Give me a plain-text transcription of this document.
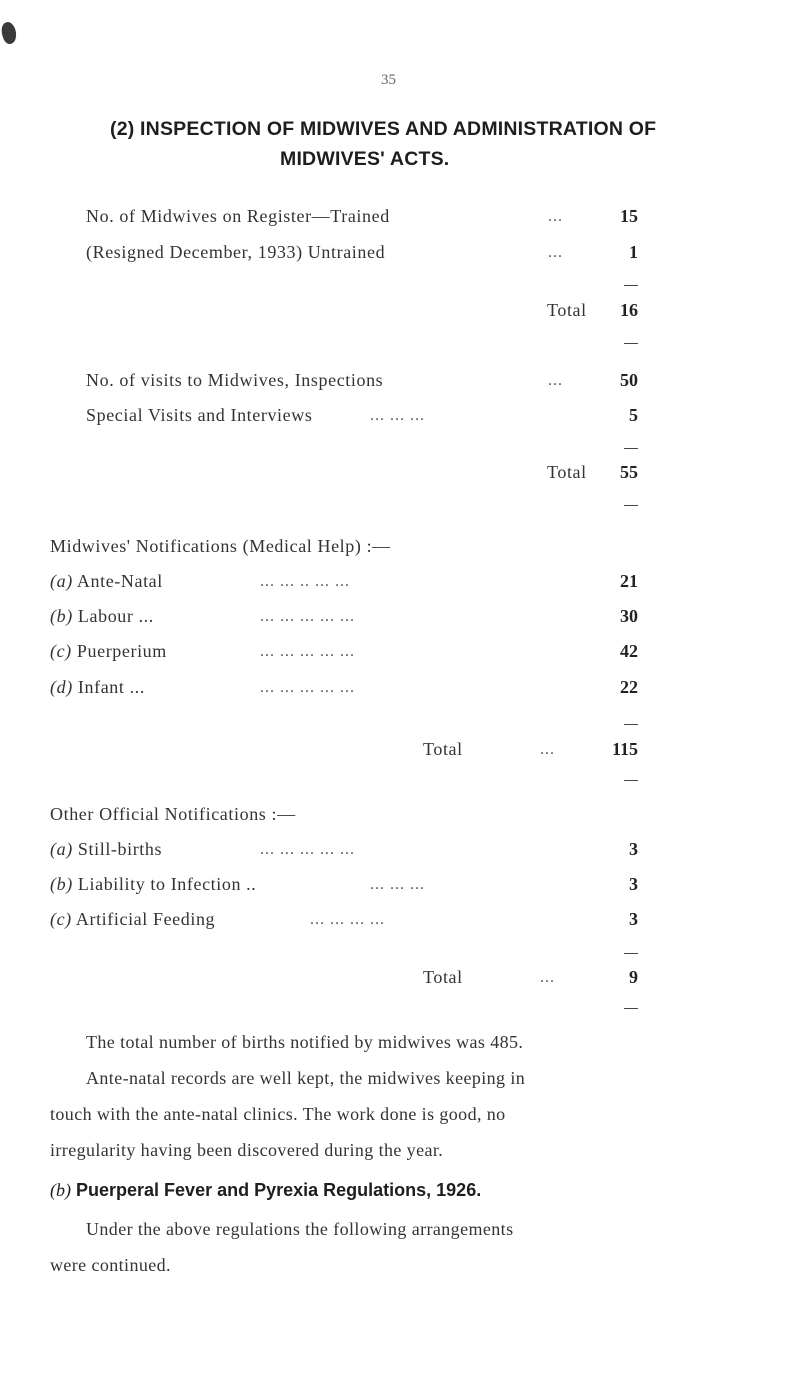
35
(2) INSPECTION OF MIDWIVES AND ADMINISTRATION OF
MIDWIVES' ACTS.
No. of Midwives on Register—Trained	...	15
(Resigned December, 1933) Untrained	...	1
Total	16
No. of visits to Midwives, Inspections	...	50
Special Visits and Interviews	... ... ...	5
Total	55
Midwives' Notifications (Medical Help) :—
(a) Ante-Natal	... ... .. ... ...	21
(b) Labour ...	... ... ... ... ...	30
(c) Puerperium	... ... ... ... ...	42
(d) Infant ...	... ... ... ... ...	22
Total	...	115
Other Official Notifications :—
(a) Still-births	... ... ... ... ...	3
(b) Liability to Infection ..	... ... ...	3
(c) Artificial Feeding	... ... ... ...	3
Total	...	9
The total number of births notified by midwives was 485.
Ante-natal records are well kept, the midwives keeping in
touch with the ante-natal clinics. The work done is good, no
irregularity having been discovered during the year.
(b) Puerperal Fever and Pyrexia Regulations, 1926.
Under the above regulations the following arrangements
were continued.
